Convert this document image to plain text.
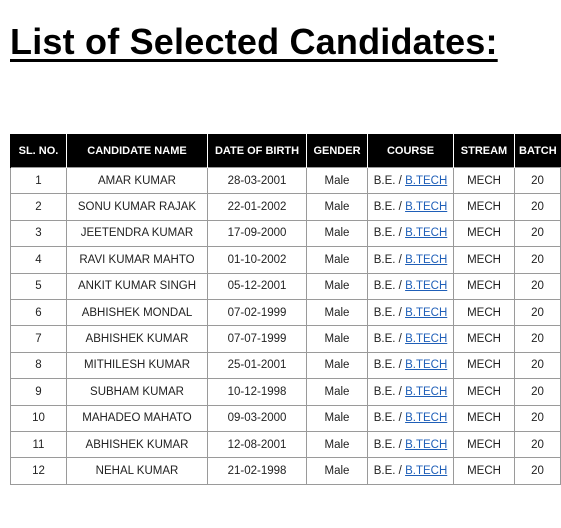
List of Selected Candidates:
SL. NO.	CANDIDATE NAME	DATE OF BIRTH	GENDER	COURSE	STREAM	BATCH
1	AMAR KUMAR	28-03-2001	Male	B.E. / B.TECH	MECH	20
2	SONU KUMAR RAJAK	22-01-2002	Male	B.E. / B.TECH	MECH	20
3	JEETENDRA KUMAR	17-09-2000	Male	B.E. / B.TECH	MECH	20
4	RAVI KUMAR MAHTO	01-10-2002	Male	B.E. / B.TECH	MECH	20
5	ANKIT KUMAR SINGH	05-12-2001	Male	B.E. / B.TECH	MECH	20
6	ABHISHEK MONDAL	07-02-1999	Male	B.E. / B.TECH	MECH	20
7	ABHISHEK KUMAR	07-07-1999	Male	B.E. / B.TECH	MECH	20
8	MITHILESH KUMAR	25-01-2001	Male	B.E. / B.TECH	MECH	20
9	SUBHAM KUMAR	10-12-1998	Male	B.E. / B.TECH	MECH	20
10	MAHADEO MAHATO	09-03-2000	Male	B.E. / B.TECH	MECH	20
11	ABHISHEK KUMAR	12-08-2001	Male	B.E. / B.TECH	MECH	20
12	NEHAL KUMAR	21-02-1998	Male	B.E. / B.TECH	MECH	20
